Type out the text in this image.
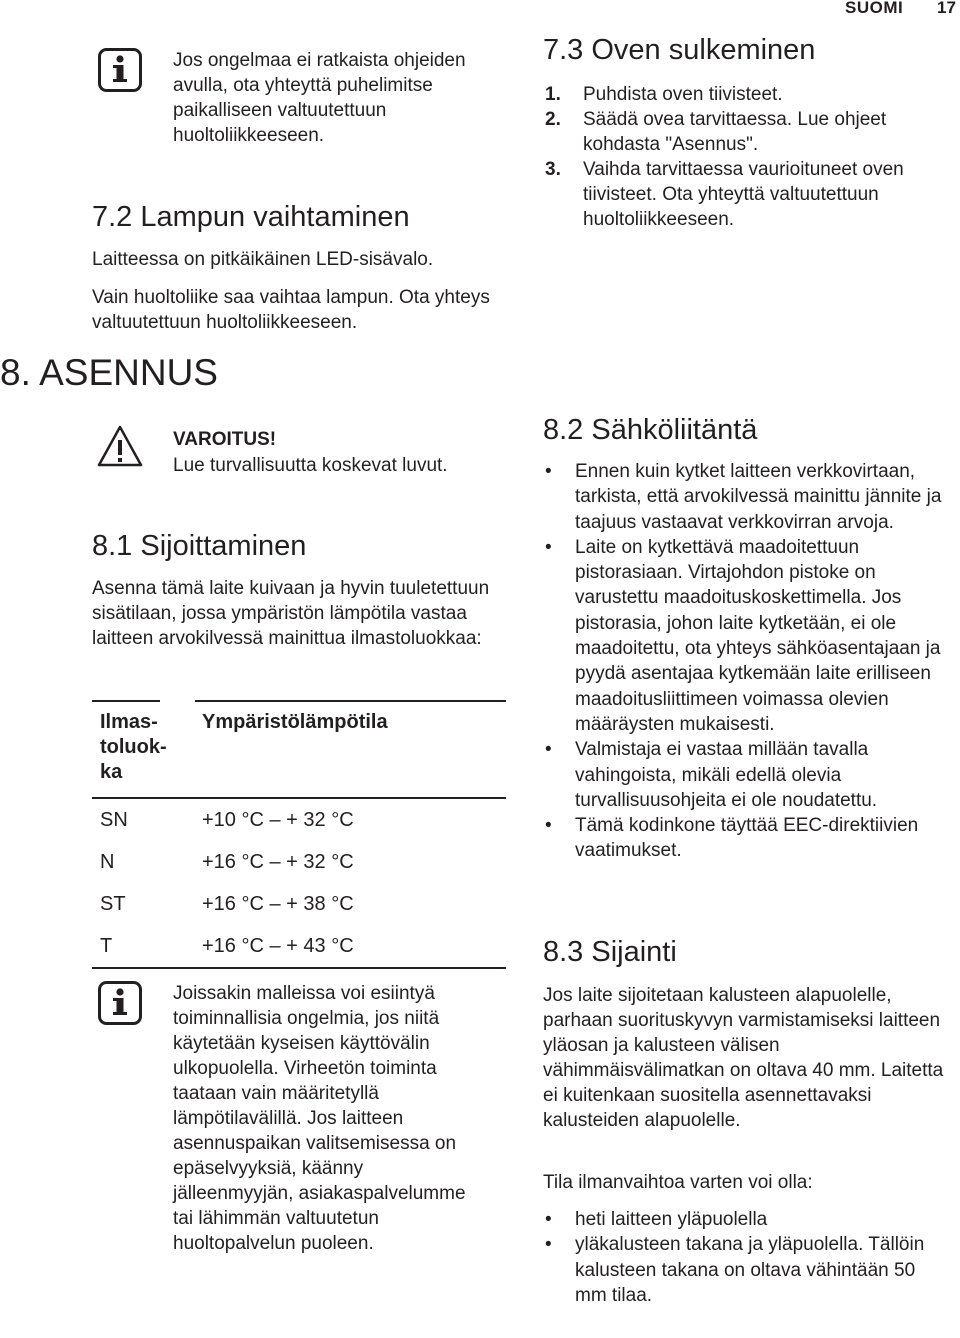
SUOMI 17
Jos ongelmaa ei ratkaista ohjeiden avulla, ota yhteyttä puhelimitse paikalliseen valtuutettuun huoltoliikkeeseen.
7.2 Lampun vaihtaminen

Laitteessa on pitkäikäinen LED-sisävalo.

Vain huoltoliike saa vaihtaa lampun. Ota yhteys valtuutettuun huoltoliikkeeseen.

8. ASENNUS
VAROITUS!
Lue turvallisuutta koskevat luvut.
8.1 Sijoittaminen

Asenna tämä laite kuivaan ja hyvin tuuletettuun sisätilaan, jossa ympäristön lämpötila vastaa laitteen arvokilvessä mainittua ilmastoluokkaa:

Ilmas-
toluok-
ka	Ympäristölämpötila
SN	+10 °C – + 32 °C
N	+16 °C – + 32 °C
ST	+16 °C – + 38 °C
T	+16 °C – + 43 °C
Joissakin malleissa voi esiintyä toiminnallisia ongelmia, jos niitä käytetään kyseisen käyttövälin ulkopuolella. Virheetön toiminta taataan vain määritetyllä lämpötilavälillä. Jos laitteen asennuspaikan valitsemisessa on epäselvyyksiä, käänny jälleenmyyjän, asiakaspalvelumme tai lähimmän valtuutetun huoltopalvelun puoleen.
7.3 Oven sulkeminen
1. Puhdista oven tiivisteet.
2. Säädä ovea tarvittaessa. Lue ohjeet kohdasta "Asennus".
3. Vaihda tarvittaessa vaurioituneet oven tiivisteet. Ota yhteyttä valtuutettuun huoltoliikkeeseen.
8.2 Sähköliitäntä
• Ennen kuin kytket laitteen verkkovirtaan, tarkista, että arvokilvessä mainittu jännite ja taajuus vastaavat verkkovirran arvoja.
• Laite on kytkettävä maadoitettuun pistorasiaan. Virtajohdon pistoke on varustettu maadoituskoskettimella. Jos pistorasia, johon laite kytketään, ei ole maadoitettu, ota yhteys sähköasentajaan ja pyydä asentajaa kytkemään laite erilliseen maadoitusliittimeen voimassa olevien määräysten mukaisesti.
• Valmistaja ei vastaa millään tavalla vahingoista, mikäli edellä olevia turvallisuusohjeita ei ole noudatettu.
• Tämä kodinkone täyttää EEC-direktiivien vaatimukset.
8.3 Sijainti

Jos laite sijoitetaan kalusteen alapuolelle, parhaan suorituskyvyn varmistamiseksi laitteen yläosan ja kalusteen välisen vähimmäisvälimatkan on oltava 40 mm. Laitetta ei kuitenkaan suositella asennettavaksi kalusteiden alapuolelle.

Tila ilmanvaihtoa varten voi olla:

• heti laitteen yläpuolella
• yläkalusteen takana ja yläpuolella. Tällöin kalusteen takana on oltava vähintään 50 mm tilaa.
